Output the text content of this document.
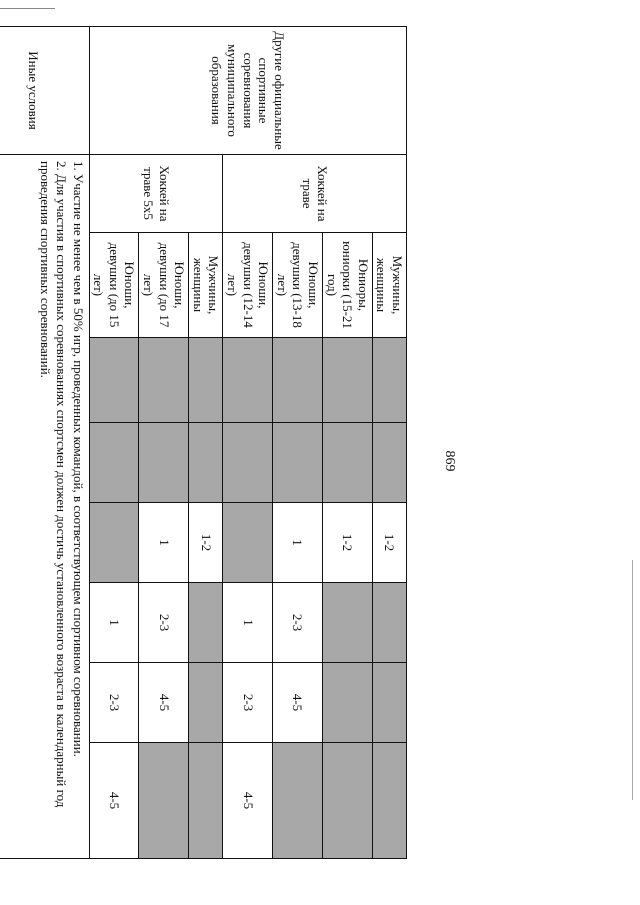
869
Другие официальные спортивные соревнования муниципального образования	Хоккей на траве	Мужчины, женщины			1-2			
		Юниоры, юниорки (15-21 год)			1-2			
		Юноши, девушки (13-18 лет)			1	2-3	4-5	
		Юноши, девушки (12-14 лет)				1	2-3	4-5
	Хоккей на траве 5х5	Мужчины, женщины			1-2			
		Юноши, девушки (до 17 лет)			1	2-3	4-5	
		Юноши, девушки (до 15 лет)				1	2-3	4-5
Иные условия	1. Участие не менее чем в 50% игр, проведенных командой, в соответствующем спортивном соревновании.
2. Для участия в спортивных соревнованиях спортсмен должен достичь установленного возраста в календарный год проведения спортивных соревнований.							
